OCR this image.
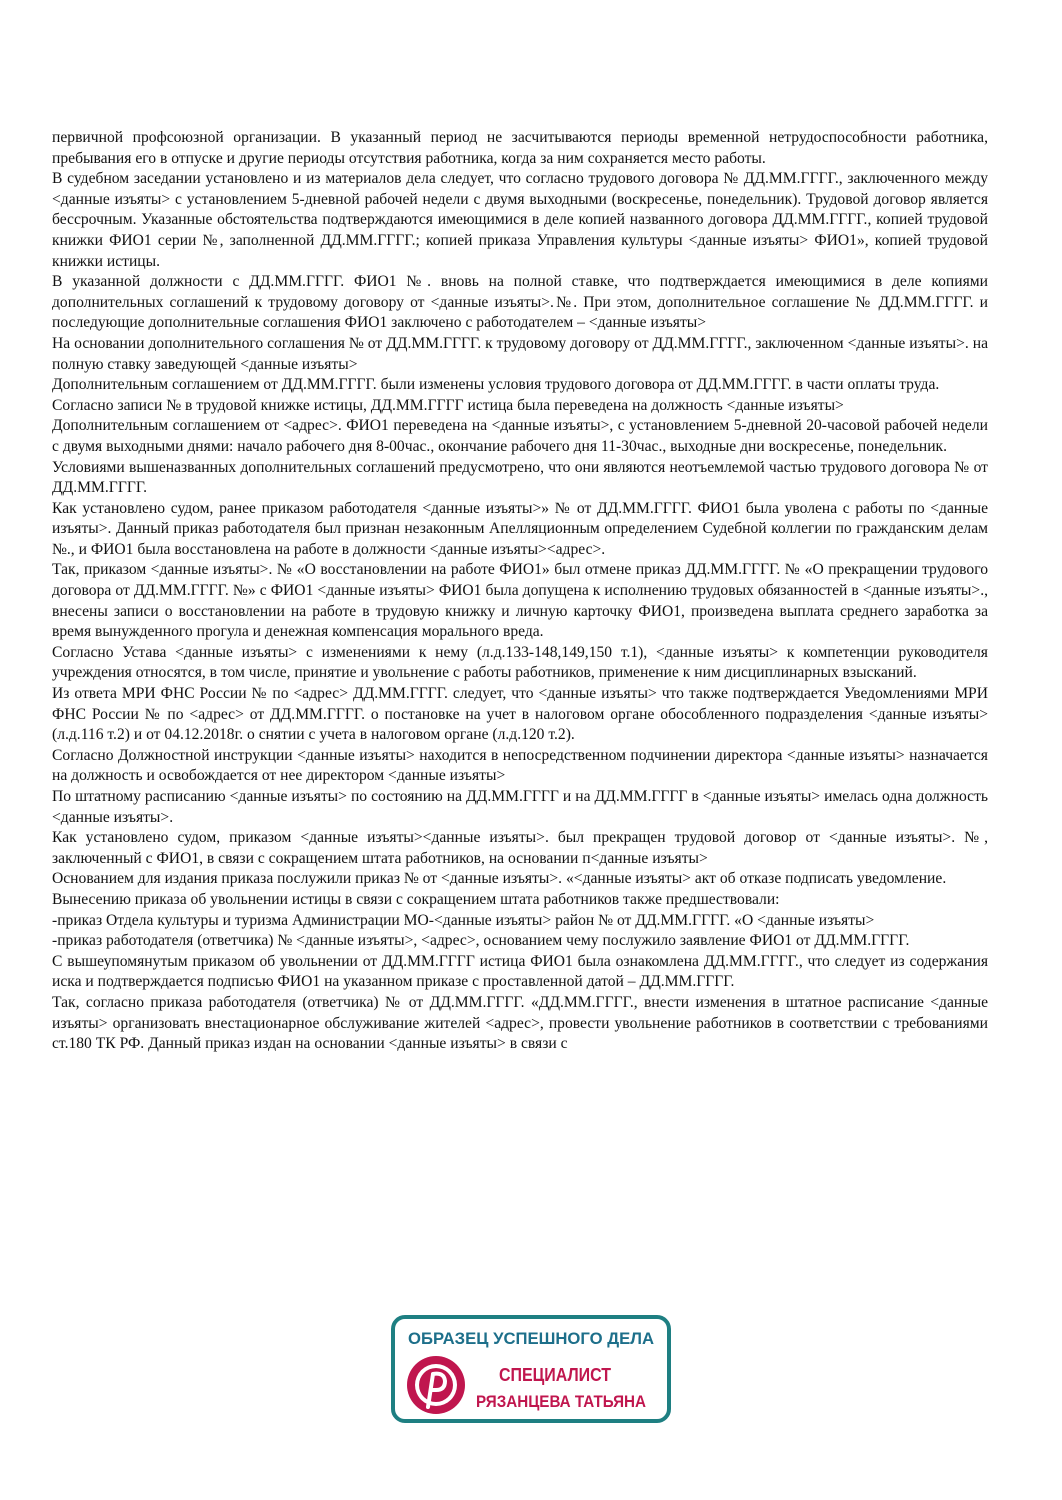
первичной профсоюзной организации. В указанный период не засчитываются периоды временной нетрудоспособности работника, пребывания его в отпуске и другие периоды отсутствия работника, когда за ним сохраняется место работы.

В судебном заседании установлено и из материалов дела следует, что согласно трудового договора № ДД.ММ.ГГГГ., заключенного между <данные изъяты> с установлением 5-дневной рабочей недели с двумя выходными (воскресенье, понедельник). Трудовой договор является бессрочным. Указанные обстоятельства подтверждаются имеющимися в деле копией названного договора ДД.ММ.ГГГГ., копией трудовой книжки ФИО1 серии №, заполненной ДД.ММ.ГГГГ.; копией приказа Управления культуры <данные изъяты> ФИО1», копией трудовой книжки истицы.

В указанной должности с ДД.ММ.ГГГГ. ФИО1 №. вновь на полной ставке, что подтверждается имеющимися в деле копиями дополнительных соглашений к трудовому договору от <данные изъяты>.№. При этом, дополнительное соглашение № ДД.ММ.ГГГГ. и последующие дополнительные соглашения ФИО1 заключено с работодателем – <данные изъяты>

На основании дополнительного соглашения № от ДД.ММ.ГГГГ. к трудовому договору от ДД.ММ.ГГГГ., заключенном <данные изъяты>. на полную ставку заведующей <данные изъяты>

Дополнительным соглашением от ДД.ММ.ГГГГ. были изменены условия трудового договора от ДД.ММ.ГГГГ. в части оплаты труда.

Согласно записи № в трудовой книжке истицы, ДД.ММ.ГГГГ истица была переведена на должность <данные изъяты>

Дополнительным соглашением от <адрес>. ФИО1 переведена на <данные изъяты>, с установлением 5-дневной 20-часовой рабочей недели с двумя выходными днями: начало рабочего дня 8-00час., окончание рабочего дня 11-30час., выходные дни воскресенье, понедельник.

Условиями вышеназванных дополнительных соглашений предусмотрено, что они являются неотъемлемой частью трудового договора № от ДД.ММ.ГГГГ.

Как установлено судом, ранее приказом работодателя <данные изъяты>» № от ДД.ММ.ГГГГ. ФИО1 была уволена с работы по <данные изъяты>. Данный приказ работодателя был признан незаконным Апелляционным определением Судебной коллегии по гражданским делам №., и ФИО1 была восстановлена на работе в должности <данные изъяты><адрес>.

Так, приказом <данные изъяты>. № «О восстановлении на работе ФИО1» был отмене приказ ДД.ММ.ГГГГ. № «О прекращении трудового договора от ДД.ММ.ГГГГ. №» с ФИО1 <данные изъяты> ФИО1 была допущена к исполнению трудовых обязанностей в <данные изъяты>., внесены записи о восстановлении на работе в трудовую книжку и личную карточку ФИО1, произведена выплата среднего заработка за время вынужденного прогула и денежная компенсация морального вреда.

Согласно Устава <данные изъяты> с изменениями к нему (л.д.133-148,149,150 т.1), <данные изъяты> к компетенции руководителя учреждения относятся, в том числе, принятие и увольнение с работы работников, применение к ним дисциплинарных взысканий.

Из ответа МРИ ФНС России № по <адрес> ДД.ММ.ГГГГ. следует, что <данные изъяты> что также подтверждается Уведомлениями МРИ ФНС России № по <адрес> от ДД.ММ.ГГГГ. о постановке на учет в налоговом органе обособленного подразделения <данные изъяты> (л.д.116 т.2) и от 04.12.2018г. о снятии с учета в налоговом органе (л.д.120 т.2).

Согласно Должностной инструкции <данные изъяты> находится в непосредственном подчинении директора <данные изъяты> назначается на должность и освобождается от нее директором <данные изъяты>

По штатному расписанию <данные изъяты> по состоянию на ДД.ММ.ГГГГ и на ДД.ММ.ГГГГ в <данные изъяты> имелась одна должность <данные изъяты>.

Как установлено судом, приказом <данные изъяты><данные изъяты>. был прекращен трудовой договор от <данные изъяты>. №, заключенный с ФИО1, в связи с сокращением штата работников, на основании п<данные изъяты>

Основанием для издания приказа послужили приказ № от <данные изъяты>. «<данные изъяты> акт об отказе подписать уведомление.

Вынесению приказа об увольнении истицы в связи с сокращением штата работников также предшествовали:

-приказ Отдела культуры и туризма Администрации МО-<данные изъяты> район № от ДД.ММ.ГГГГ. «О <данные изъяты>

-приказ работодателя (ответчика) № <данные изъяты>, <адрес>, основанием чему послужило заявление ФИО1 от ДД.ММ.ГГГГ.

С вышеупомянутым приказом об увольнении от ДД.ММ.ГГГГ истица ФИО1 была ознакомлена ДД.ММ.ГГГГ., что следует из содержания иска и подтверждается подписью ФИО1 на указанном приказе с проставленной датой – ДД.ММ.ГГГГ.

Так, согласно приказа работодателя (ответчика) № от ДД.ММ.ГГГГ. «ДД.ММ.ГГГГ., внести изменения в штатное расписание <данные изъяты> организовать внестационарное обслуживание жителей <адрес>, провести увольнение работников в соответствии с требованиями ст.180 ТК РФ. Данный приказ издан на основании <данные изъяты> в связи с

ОБРАЗЕЦ УСПЕШНОГО ДЕЛА
СПЕЦИАЛИСТ
РЯЗАНЦЕВА ТАТЬЯНА
